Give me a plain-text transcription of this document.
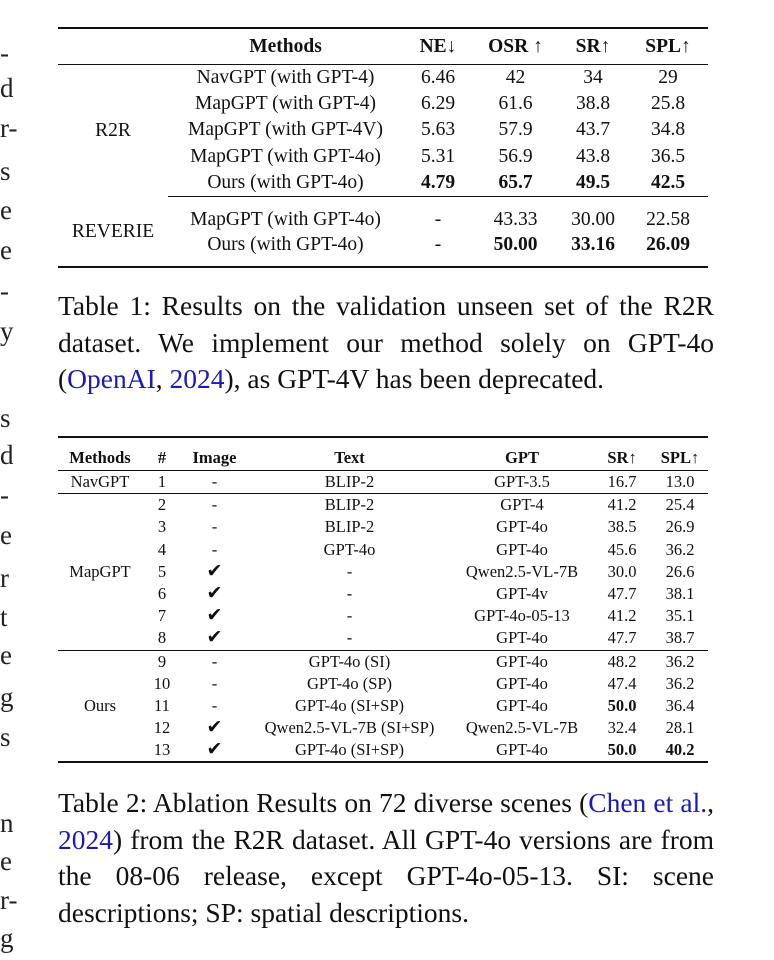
-
d
r-
s
e
e
-
y
s
d
-
e
r
t
e
g
s
n
e
r-
g
	Methods	NE↓	OSR ↑	SR↑	SPL↑
R2R	NavGPT (with GPT-4)	6.46	42	34	29
	MapGPT (with GPT-4)	6.29	61.6	38.8	25.8
	MapGPT (with GPT-4V)	5.63	57.9	43.7	34.8
	MapGPT (with GPT-4o)	5.31	56.9	43.8	36.5
	Ours (with GPT-4o)	4.79	65.7	49.5	42.5

REVERIE	MapGPT (with GPT-4o)	-	43.33	30.00	22.58
	Ours (with GPT-4o)	-	50.00	33.16	26.09

Table 1: Results on the validation unseen set of the R2R dataset. We implement our method solely on GPT-4o (OpenAI, 2024), as GPT-4V has been deprecated.
Methods	#	Image	Text	GPT	SR↑	SPL↑
NavGPT	1	-	BLIP-2	GPT-3.5	16.7	13.0
MapGPT	2	-	BLIP-2	GPT-4	41.2	25.4
	3	-	BLIP-2	GPT-4o	38.5	26.9
	4	-	GPT-4o	GPT-4o	45.6	36.2
	5	✔	-	Qwen2.5-VL-7B	30.0	26.6
	6	✔	-	GPT-4v	47.7	38.1
	7	✔	-	GPT-4o-05-13	41.2	35.1
	8	✔	-	GPT-4o	47.7	38.7
Ours	9	-	GPT-4o (SI)	GPT-4o	48.2	36.2
	10	-	GPT-4o (SP)	GPT-4o	47.4	36.2
	11	-	GPT-4o (SI+SP)	GPT-4o	50.0	36.4
	12	✔	Qwen2.5-VL-7B (SI+SP)	Qwen2.5-VL-7B	32.4	28.1
	13	✔	GPT-4o (SI+SP)	GPT-4o	50.0	40.2
Table 2: Ablation Results on 72 diverse scenes (Chen et al., 2024) from the R2R dataset. All GPT-4o versions are from the 08-06 release, except GPT-4o-05-13. SI: scene descriptions; SP: spatial descriptions.
